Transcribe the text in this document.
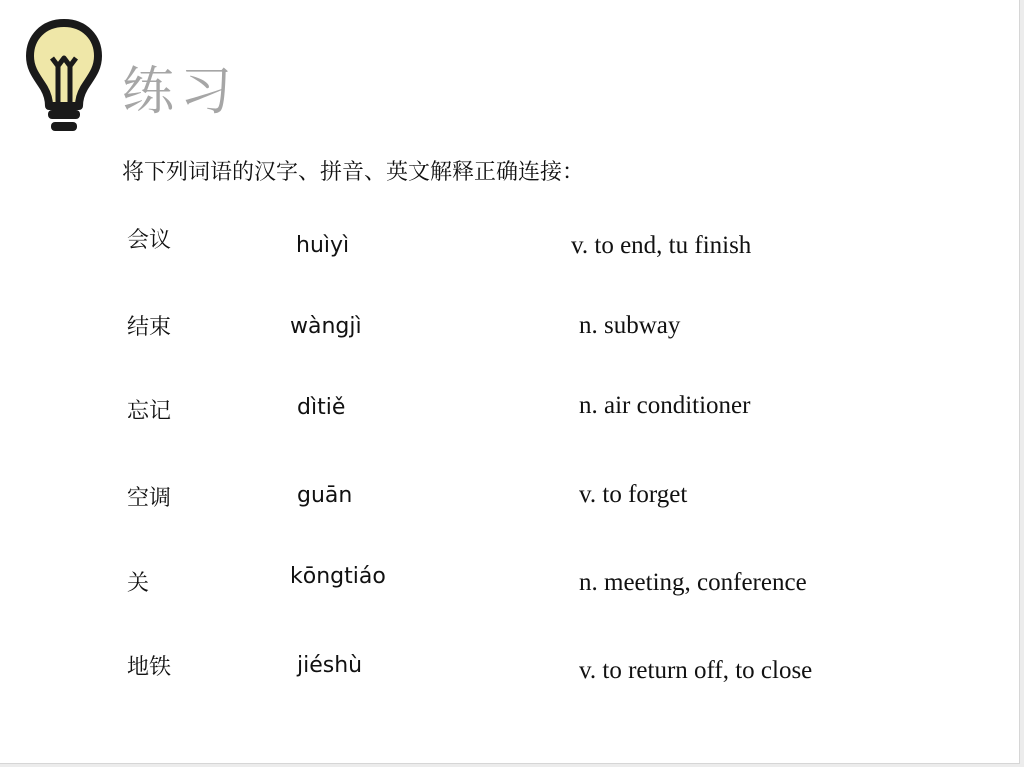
练习
将下列词语的汉字、拼音、英文解释正确连接：
会议
结束
忘记
空调
关
地铁
huìyì
wàngjì
dìtiě
guān
kōngtiáo
jiéshù
v. to end, tu finish
n. subway
n. air conditioner
v. to forget
n. meeting, conference
v. to return off, to close
